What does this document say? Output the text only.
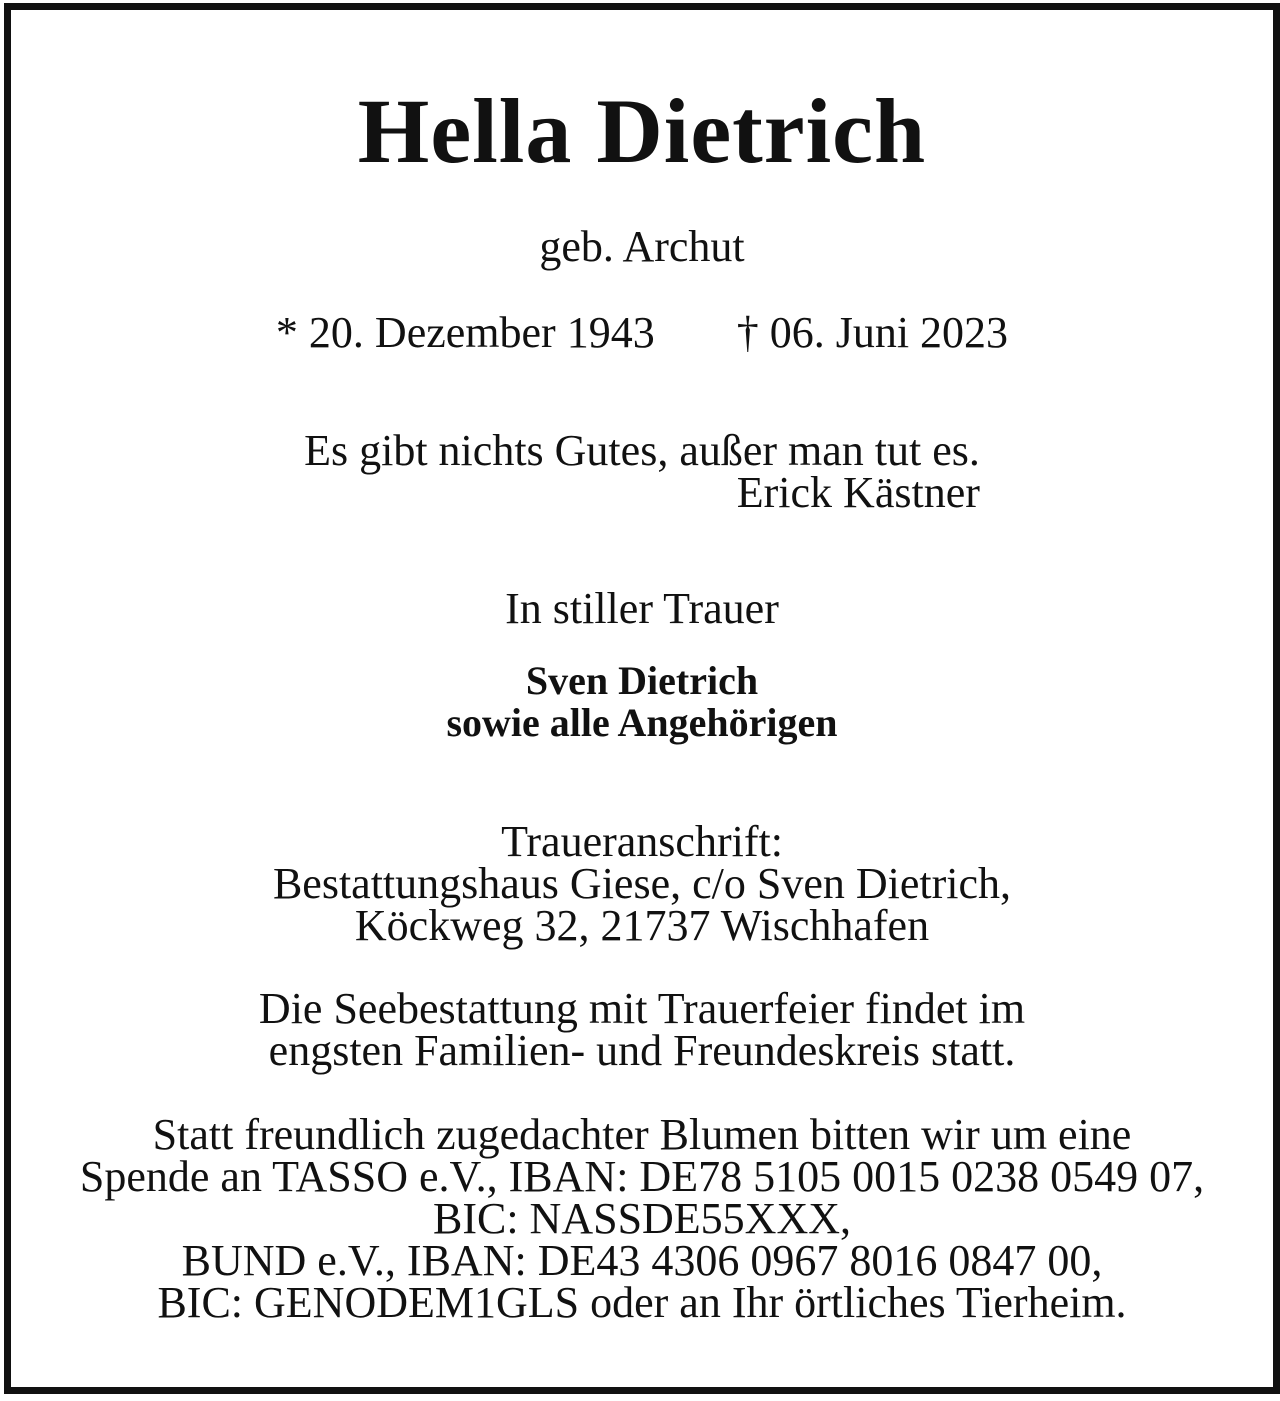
Hella Dietrich
geb. Archut
* 20. Dezember 1943 † 06. Juni 2023
Es gibt nichts Gutes, außer man tut es.
Erick Kästner
In stiller Trauer
Sven Dietrich
sowie alle Angehörigen
Traueranschrift:
Bestattungshaus Giese, c/o Sven Dietrich,
Köckweg 32, 21737 Wischhafen
Die Seebestattung mit Trauerfeier findet im
engsten Familien- und Freundeskreis statt.
Statt freundlich zugedachter Blumen bitten wir um eine
Spende an TASSO e.V., IBAN: DE78 5105 0015 0238 0549 07,
BIC: NASSDE55XXX,
BUND e.V., IBAN: DE43 4306 0967 8016 0847 00,
BIC: GENODEM1GLS oder an Ihr örtliches Tierheim.
